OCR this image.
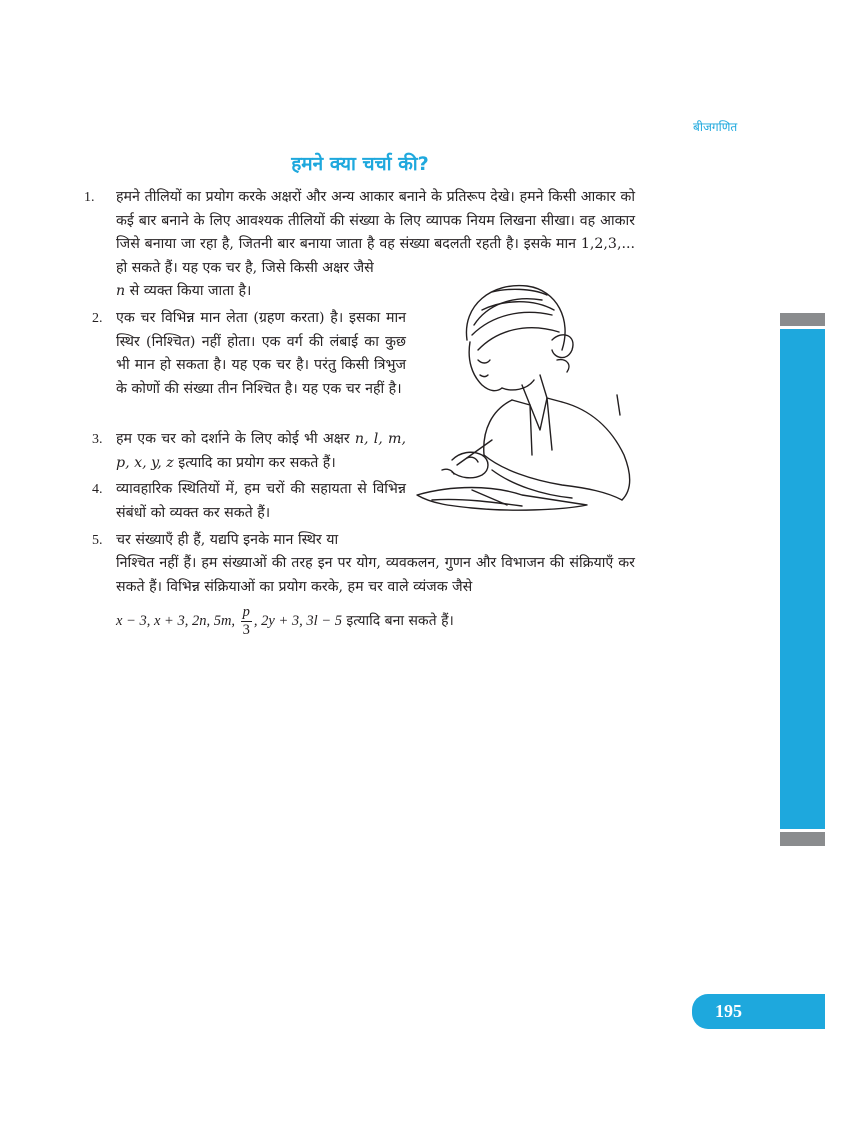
बीजगणित
हमने क्या चर्चा की?
1. हमने तीलियों का प्रयोग करके अक्षरों और अन्य आकार बनाने के प्रतिरूप देखे। हमने किसी आकार को कई बार बनाने के लिए आवश्यक तीलियों की संख्या के लिए व्यापक नियम लिखना सीखा। वह आकार जिसे बनाया जा रहा है, जितनी बार बनाया जाता है वह संख्या बदलती रहती है। इसके मान 1,2,3,... हो सकते हैं। यह एक चर है, जिसे किसी अक्षर जैसे
n से व्यक्त किया जाता है।
2. एक चर विभिन्न मान लेता (ग्रहण करता) है। इसका मान स्थिर (निश्चित) नहीं होता। एक वर्ग की लंबाई का कुछ भी मान हो सकता है। यह एक चर है। परंतु किसी त्रिभुज के कोणों की संख्या तीन निश्चित है। यह एक चर नहीं है।
3. हम एक चर को दर्शाने के लिए कोई भी अक्षर n, l, m, p, x, y, z इत्यादि का प्रयोग कर सकते हैं।
4. व्यावहारिक स्थितियों में, हम चरों की सहायता से विभिन्न संबंधों को व्यक्त कर सकते हैं।
5. चर संख्याएँ ही हैं, यद्यपि इनके मान स्थिर या
निश्चित नहीं हैं। हम संख्याओं की तरह इन पर योग, व्यवकलन, गुणन और विभाजन की संक्रियाएँ कर सकते हैं। विभिन्न संक्रियाओं का प्रयोग करके, हम चर वाले व्यंजक जैसे
x − 3, x + 3, 2n, 5m, $\frac{p}{3}$ , 2y + 3, 3l − 5 इत्यादि बना सकते हैं।
195
